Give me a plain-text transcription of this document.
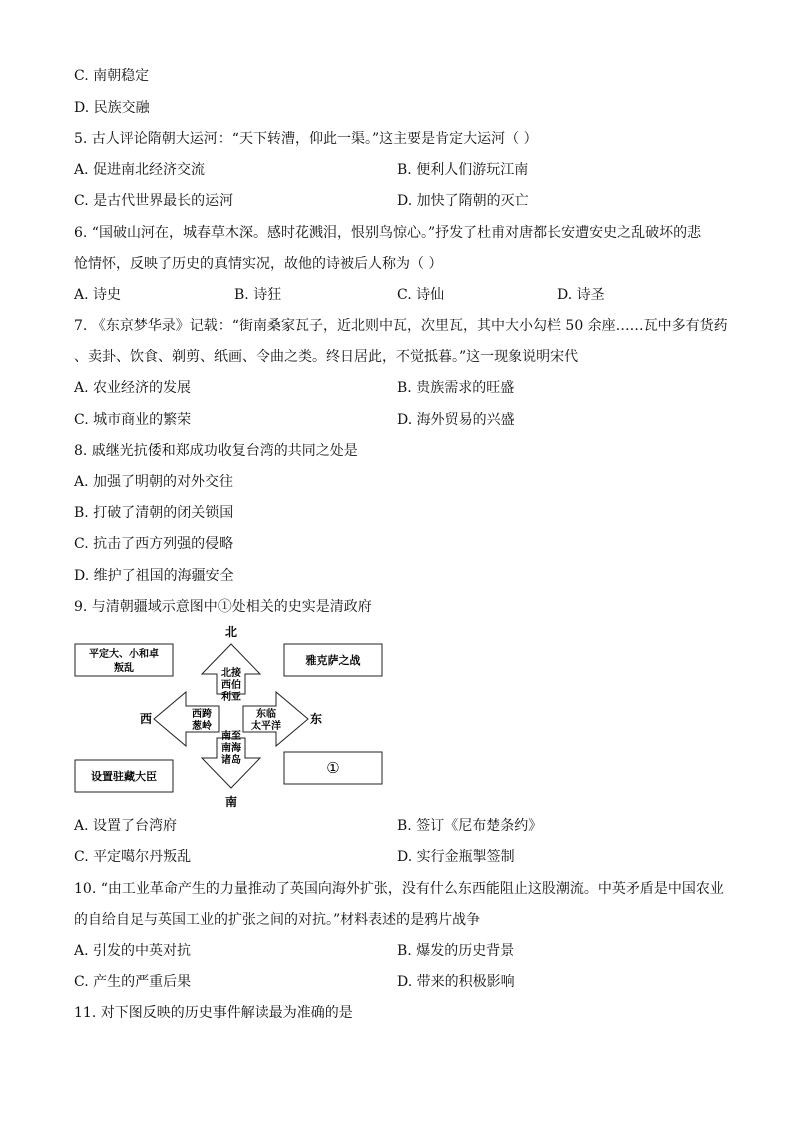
C. 南朝稳定
D. 民族交融
5. 古人评论隋朝大运河：“天下转漕，仰此一渠。”这主要是肯定大运河（ ）
A. 促进南北经济交流	B. 便利人们游玩江南
C. 是古代世界最长的运河	D. 加快了隋朝的灭亡
6. “国破山河在，城春草木深。感时花溅泪，恨别鸟惊心。”抒发了杜甫对唐都长安遭安史之乱破坏的悲
怆情怀，反映了历史的真情实况，故他的诗被后人称为（ ）
A. 诗史	B. 诗狂	C. 诗仙	D. 诗圣
7. 《东京梦华录》记载：“街南桑家瓦子，近北则中瓦，次里瓦，其中大小勾栏 50 余座……瓦中多有货药
、卖卦、饮食、剃剪、纸画、令曲之类。终日居此，不觉抵暮。”这一现象说明宋代
A. 农业经济的发展	B. 贵族需求的旺盛
C. 城市商业的繁荣	D. 海外贸易的兴盛
8. 戚继光抗倭和郑成功收复台湾的共同之处是
A. 加强了明朝的对外交往
B. 打破了清朝的闭关锁国
C. 抗击了西方列强的侵略
D. 维护了祖国的海疆安全
9. 与清朝疆域示意图中①处相关的史实是清政府
北
南
西	东
北接
西伯
利亚
西跨
葱岭
东临
太平洋
南至
南海
诸岛
平定大、小和卓
叛乱
雅克萨之战
设置驻藏大臣	①
A. 设置了台湾府	B. 签订《尼布楚条约》
C. 平定噶尔丹叛乱	D. 实行金瓶掣签制
10. “由工业革命产生的力量推动了英国向海外扩张，没有什么东西能阻止这股潮流。中英矛盾是中国农业
的自给自足与英国工业的扩张之间的对抗。”材料表述的是鸦片战争
A. 引发的中英对抗	B. 爆发的历史背景
C. 产生的严重后果	D. 带来的积极影响
11. 对下图反映的历史事件解读最为准确的是
